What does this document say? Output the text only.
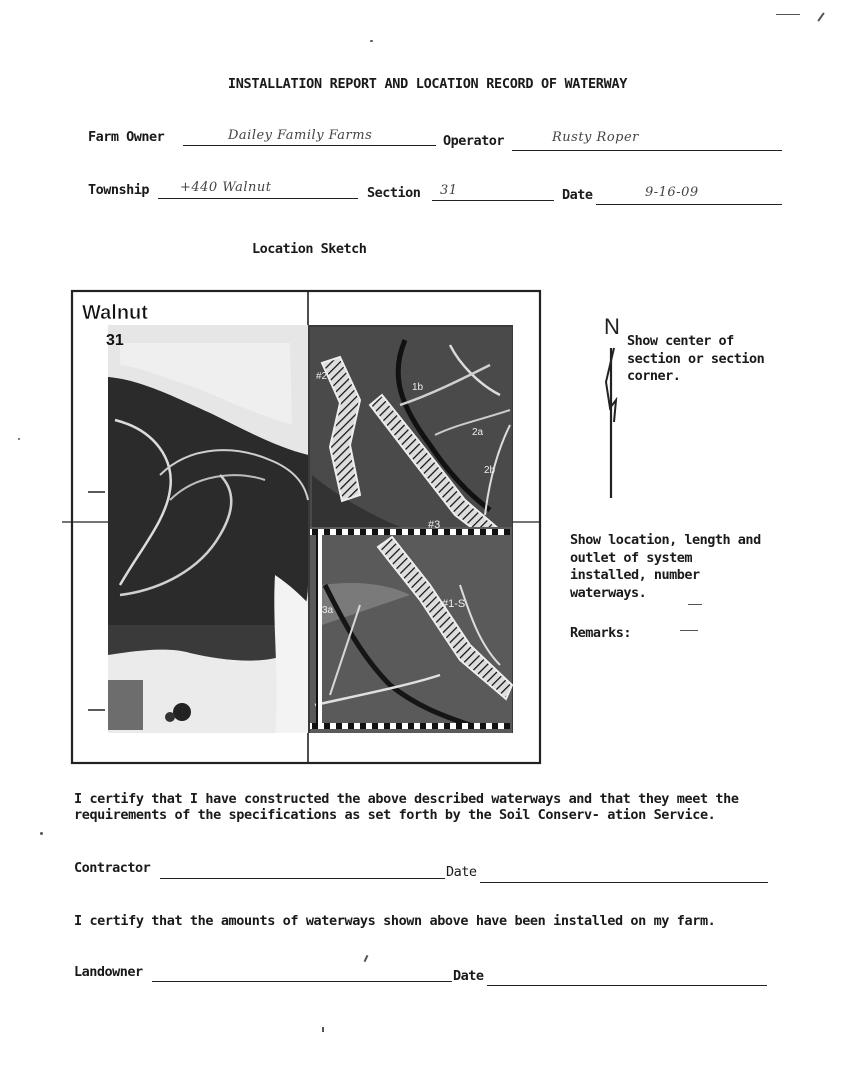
INSTALLATION REPORT AND LOCATION RECORD OF WATERWAY
Farm Owner	Dailey Family Farms	Operator	Rusty Roper
Township +440 Walnut	Section 31	Date	9-16-09
Location Sketch
Walnut
31
#2
#3
#1-S
2a
2b
1b
3a
N
Show center of section or section corner.
Show location, length and outlet of system installed, number waterways.
Remarks:
I certify that I have constructed the above described waterways and that they meet the requirements of the specifications as set forth by the Soil Conserv- ation Service.
Contractor	Date
I certify that the amounts of waterways shown above have been installed on my farm.
Landowner	Date
